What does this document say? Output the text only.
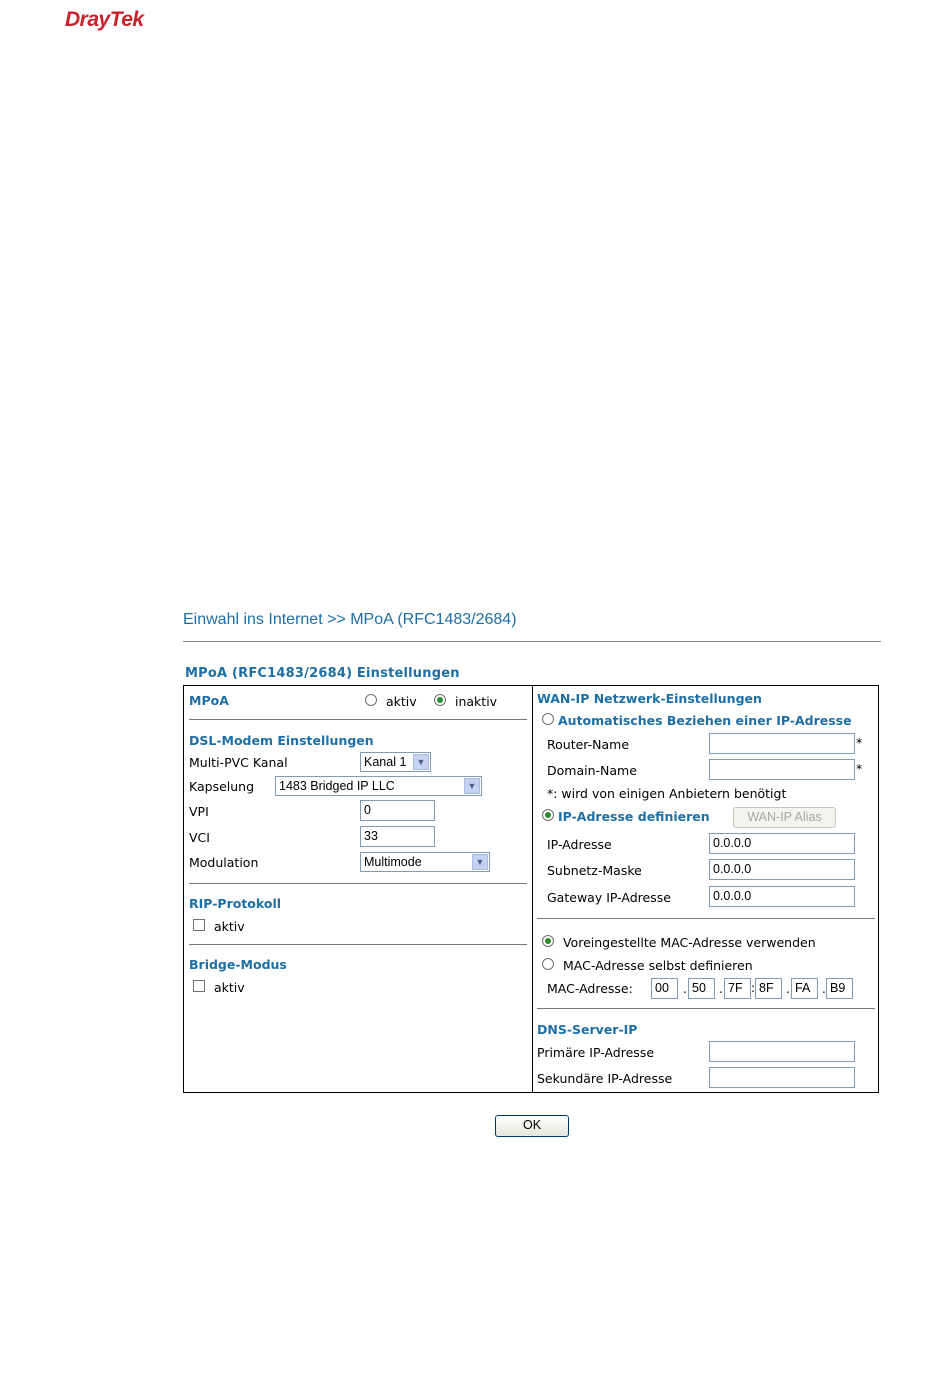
DrayTek
Einwahl ins Internet >> MPoA (RFC1483/2684)
MPoA (RFC1483/2684) Einstellungen
MPoA	aktiv	inaktiv
DSL-Modem Einstellungen
Multi-PVC Kanal	Kanal 1	▼
Kapselung	1483 Bridged IP LLC	▼
VPI	0
VCI	33
Modulation	Multimode	▼
RIP-Protokoll
aktiv
Bridge-Modus
aktiv
WAN-IP Netzwerk-Einstellungen
Automatisches Beziehen einer IP-Adresse
Router-Name	*
Domain-Name	*
*: wird von einigen Anbietern benötigt
IP-Adresse definieren	WAN-IP Alias
IP-Adresse	0.0.0.0
Subnetz-Maske	0.0.0.0
Gateway IP-Adresse	0.0.0.0
Voreingestellte MAC-Adresse verwenden
MAC-Adresse selbst definieren
MAC-Adresse:	00	. 50	. 7F : 8F	. FA . B9
DNS-Server-IP
Primäre IP-Adresse
Sekundäre IP-Adresse
OK
